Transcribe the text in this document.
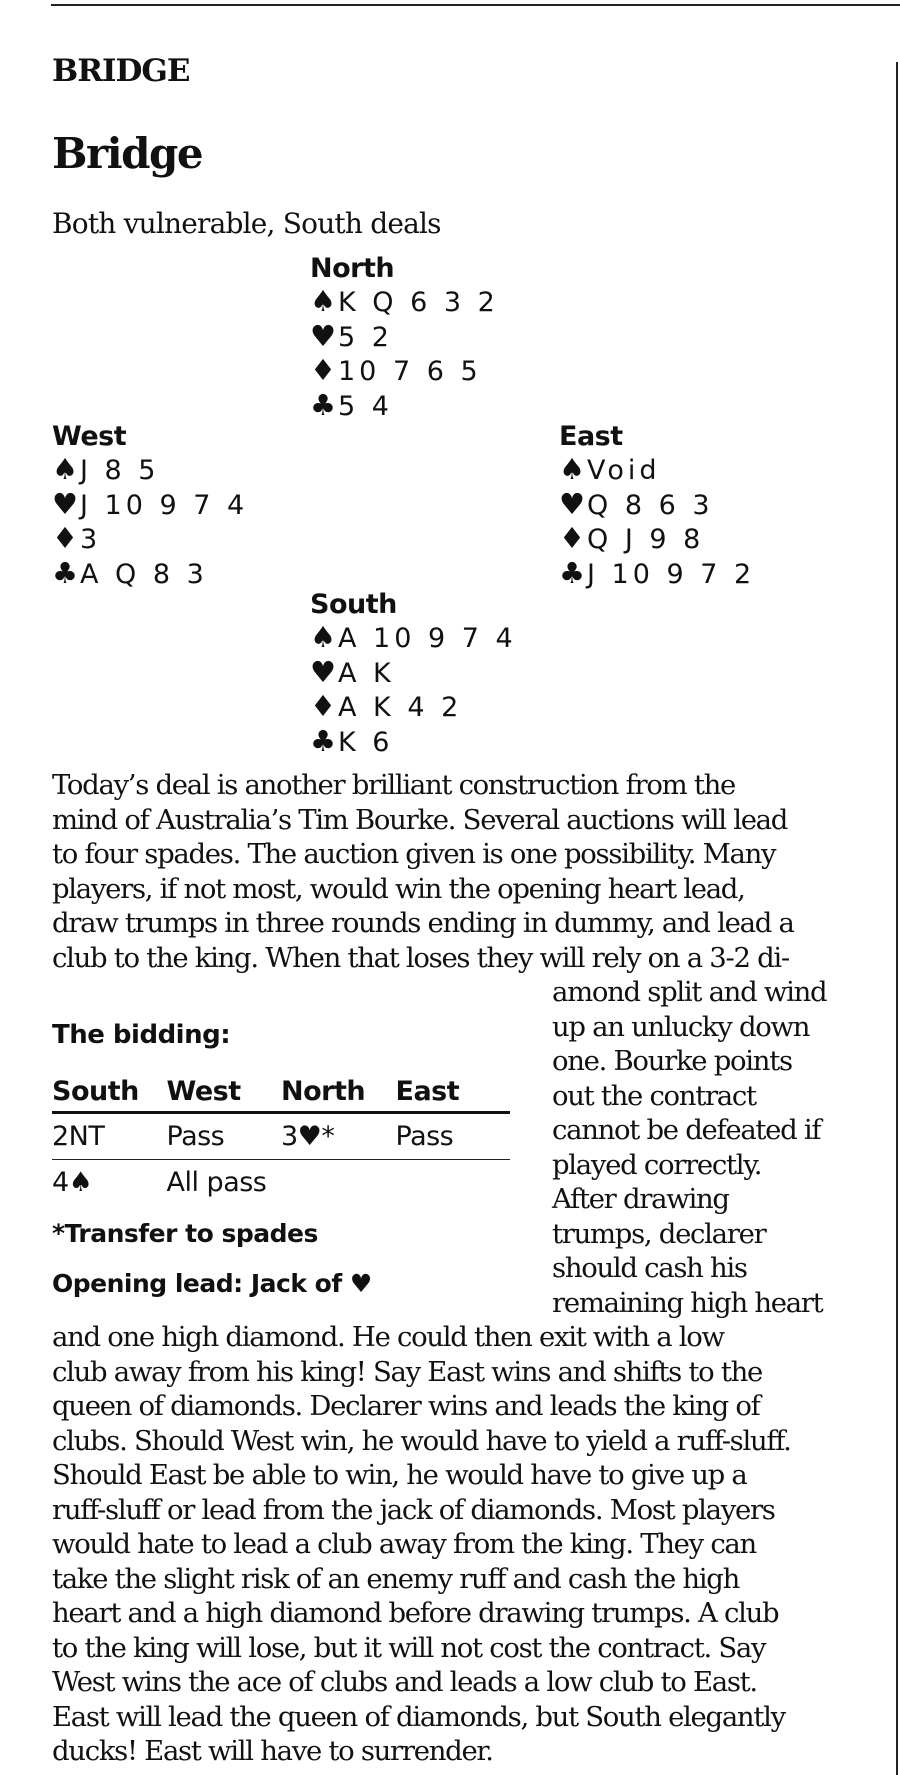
BRIDGE
Bridge

Both vulnerable, South deals

North
♠K Q 6 3 2
♥5 2
♦10 7 6 5
♣5 4
West
♠J 8 5
♥J 10 9 7 4
♦3
♣A Q 8 3
East
♠Void
♥Q 8 6 3
♦Q J 9 8
♣J 10 9 7 2
South
♠A 10 9 7 4
♥A K
♦A K 4 2
♣K 6

Today’s deal is another brilliant construction from the
mind of Australia’s Tim Bourke. Several auctions will lead
to four spades. The auction given is one possibility. Many
players, if not most, would win the opening heart lead,
draw trumps in three rounds ending in dummy, and lead a
club to the king. When that loses they will rely on a 3-2 di-

amond split and wind
up an unlucky down
one. Bourke points
out the contract
cannot be defeated if
played correctly.
After drawing
trumps, declarer
should cash his
remaining high heart

and one high diamond. He could then exit with a low
club away from his king! Say East wins and shifts to the
queen of diamonds. Declarer wins and leads the king of
clubs. Should West win, he would have to yield a ruff-sluff.
Should East be able to win, he would have to give up a
ruff-sluff or lead from the jack of diamonds. Most players
would hate to lead a club away from the king. They can
take the slight risk of an enemy ruff and cash the high
heart and a high diamond before drawing trumps. A club
to the king will lose, but it will not cost the contract. Say
West wins the ace of clubs and leads a low club to East.
East will lead the queen of diamonds, but South elegantly
ducks! East will have to surrender.

The bidding:
South	West	North	East
2NT	Pass	3♥*	Pass
4♠	All pass		
*Transfer to spades
Opening lead: Jack of ♥
